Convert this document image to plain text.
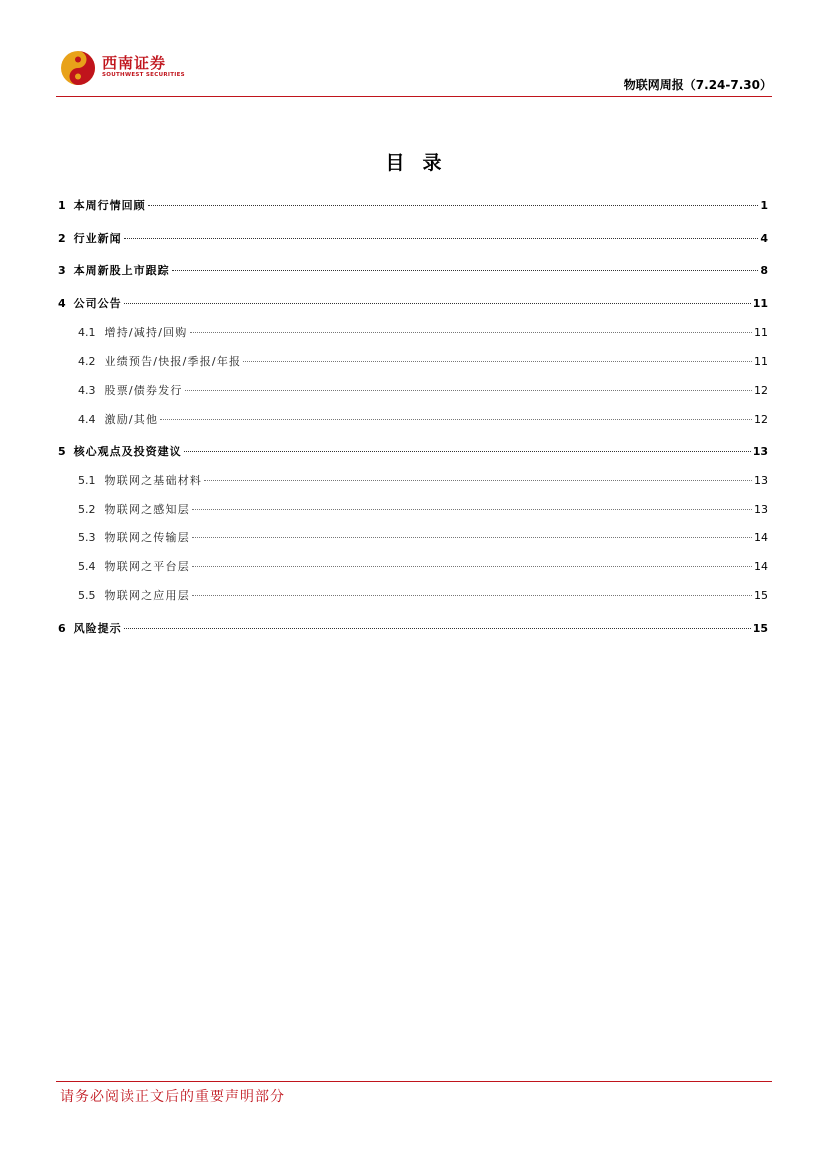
西南证券
SOUTHWEST SECURITIES
物联网周报（7.24-7.30）
目录
1 本周行情回顾	1
2 行业新闻	4
3 本周新股上市跟踪	8
4 公司公告	11
4.1 增持/减持/回购	11
4.2 业绩预告/快报/季报/年报	11
4.3 股票/债券发行	12
4.4 激励/其他	12
5 核心观点及投资建议	13
5.1 物联网之基础材料	13
5.2 物联网之感知层	13
5.3 物联网之传输层	14
5.4 物联网之平台层	14
5.5 物联网之应用层	15
6 风险提示	15
请务必阅读正文后的重要声明部分
